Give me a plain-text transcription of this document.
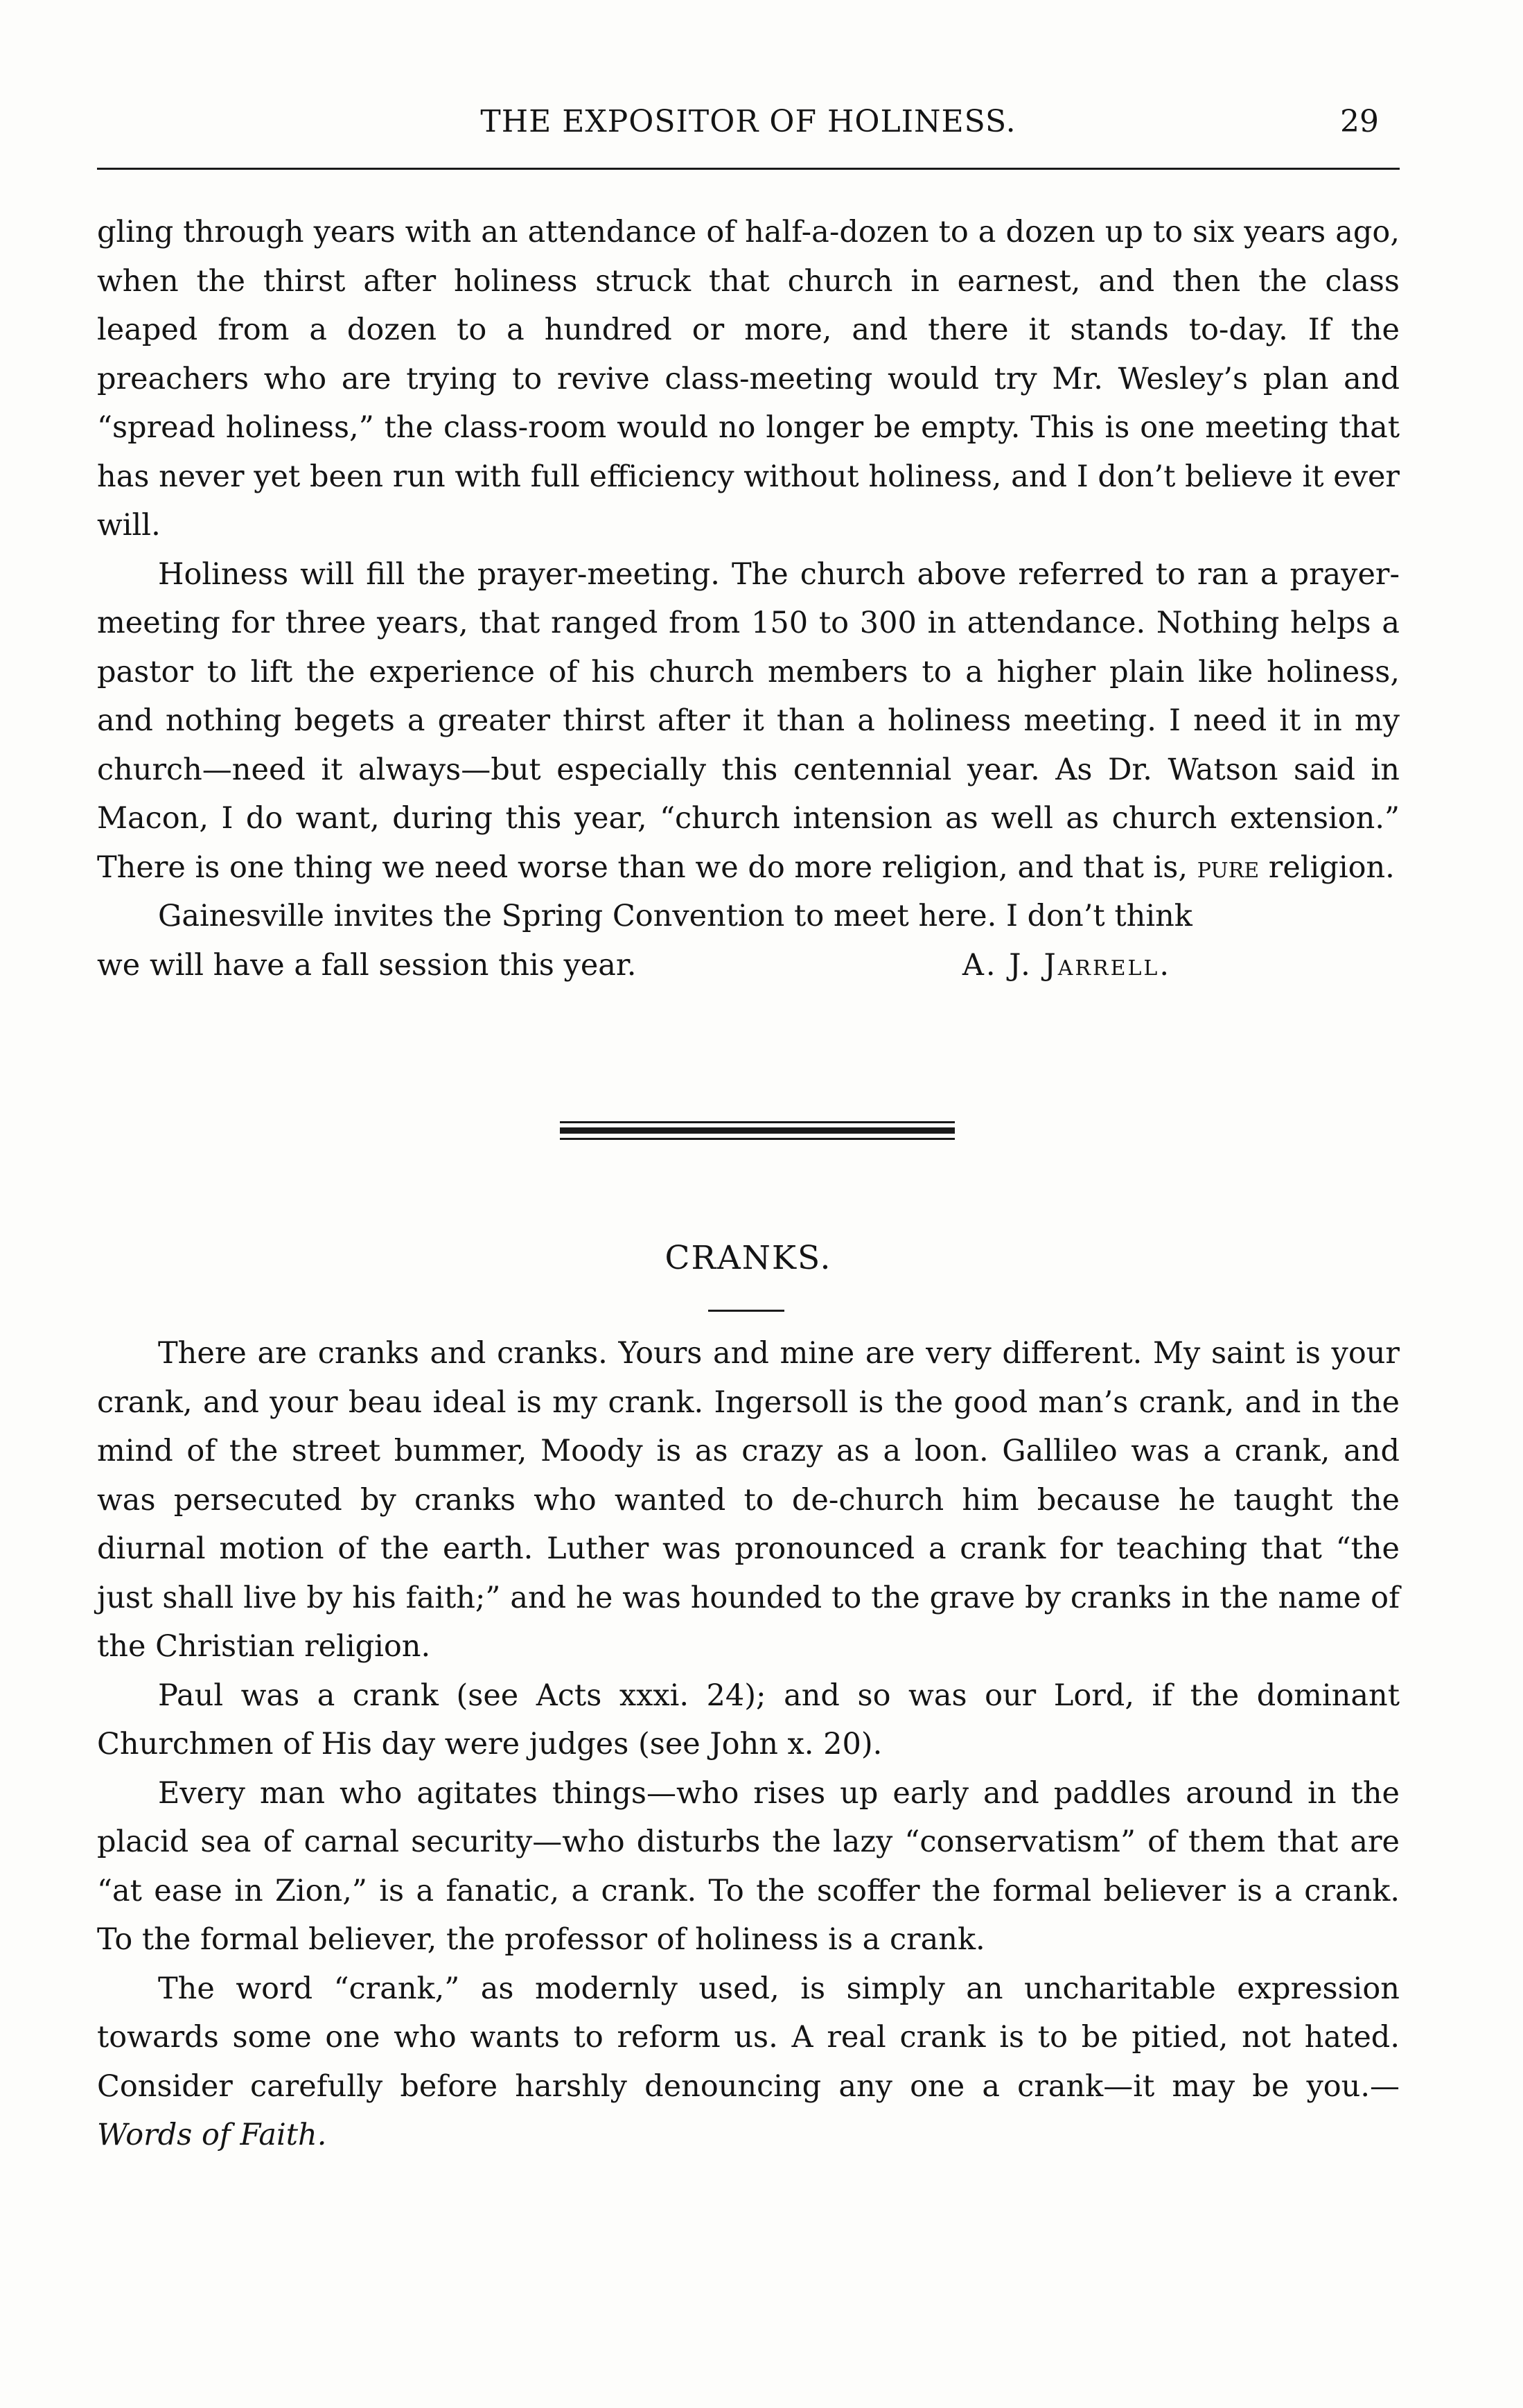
THE EXPOSITOR OF HOLINESS.	29

gling through years with an attendance of half-a-dozen to a dozen up to six years ago, when the thirst after holiness struck that church in earnest, and then the class leaped from a dozen to a hundred or more, and there it stands to-day. If the preachers who are trying to revive class-meeting would try Mr. Wesley’s plan and “spread holiness,” the class-room would no longer be empty. This is one meeting that has never yet been run with full efficiency without holiness, and I don’t believe it ever will.

Holiness will fill the prayer-meeting. The church above referred to ran a prayer-meeting for three years, that ranged from 150 to 300 in attendance. Nothing helps a pastor to lift the experience of his church members to a higher plain like holiness, and nothing begets a greater thirst after it than a holiness meeting. I need it in my church—need it always—but especially this centennial year. As Dr. Watson said in Macon, I do want, during this year, “church intension as well as church extension.” There is one thing we need worse than we do more religion, and that is, pure religion.

Gainesville invites the Spring Convention to meet here. I don’t think

we will have a fall session this year.	A. J. Jarrell.
CRANKS.

There are cranks and cranks. Yours and mine are very different. My saint is your crank, and your beau ideal is my crank. Ingersoll is the good man’s crank, and in the mind of the street bummer, Moody is as crazy as a loon. Gallileo was a crank, and was persecuted by cranks who wanted to de-church him because he taught the diurnal motion of the earth. Luther was pronounced a crank for teaching that “the just shall live by his faith;” and he was hounded to the grave by cranks in the name of the Christian religion.

Paul was a crank (see Acts xxxi. 24); and so was our Lord, if the dominant Churchmen of His day were judges (see John x. 20).

Every man who agitates things—who rises up early and paddles around in the placid sea of carnal security—who disturbs the lazy “conservatism” of them that are “at ease in Zion,” is a fanatic, a crank. To the scoffer the formal believer is a crank. To the formal believer, the professor of holiness is a crank.

The word “crank,” as modernly used, is simply an uncharitable expression towards some one who wants to reform us. A real crank is to be pitied, not hated. Consider carefully before harshly denouncing any one a crank—it may be you.—Words of Faith.
